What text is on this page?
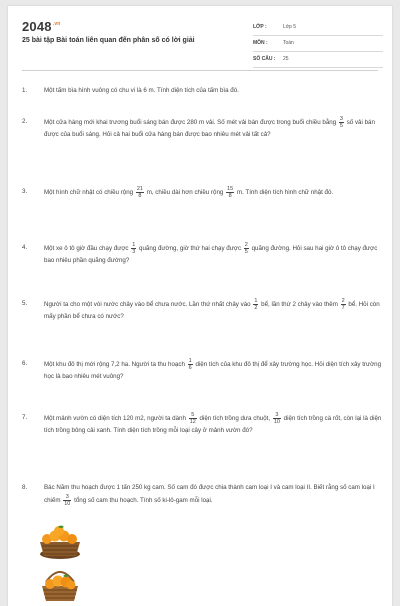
$2048^{.vn}$
25 bài tập Bài toán liên quan đến phân số có lời giải
LỚP :	Lớp 5
MÔN :	Toán
SỐ CÂU : 25
1.	Một tấm bìa hình vuông có chu vi là 6 m. Tính diện tích của tấm bìa đó.
2.	Một cửa hàng mới khai trương buổi sáng bán được 280 m vải. Số mét vải bán được trong buổi chiều bằng $\frac{3}{5}$ số vải bán được của buổi sáng. Hỏi cả hai buổi cửa hàng bán được bao nhiêu mét vải tất cả?
3.	Một hình chữ nhật có chiều rộng $\frac{21}{8} m$, chiều dài hơn chiều rộng $\frac{15}{8} m$. Tính diện tích hình chữ nhật đó.
4.	Một xe ô tô giờ đầu chạy được $\frac{1}{3}$ quãng đường, giờ thứ hai chạy được $\frac{2}{5}$ quãng đường. Hỏi sau hai giờ ô tô chạy được bao nhiêu phần quãng đường?
5.	Người ta cho một vòi nước chảy vào bể chưa nước. Lần thứ nhất chảy vào $\frac{1}{2}$ bể, lần thứ 2 chảy vào thêm $\frac{2}{7}$ bể. Hỏi còn mấy phần bể chưa có nước?
6.	Một khu đô thị mới rộng 7,2 ha. Người ta thu hoạch $\frac{1}{6}$ diện tích của khu đô thị để xây trường học. Hỏi diện tích xây trường học là bao nhiêu mét vuông?
7.	Một mảnh vườn có diện tích 120 m2, người ta dành $\frac{5}{12}$ diện tích trồng dưa chuột, $\frac{3}{10}$ diện tích trồng cà rốt, còn lại là diện tích trồng bông cải xanh. Tính diện tích trồng mỗi loại cây ở mảnh vườn đó?
8.	Bác Năm thu hoạch được 1 tấn 250 kg cam. Số cam đó được chia thành cam loại I và cam loại II. Biết rằng số cam loại I chiếm $\frac{3}{10}$ tổng số cam thu hoạch. Tính số ki-lô-gam mỗi loại.
